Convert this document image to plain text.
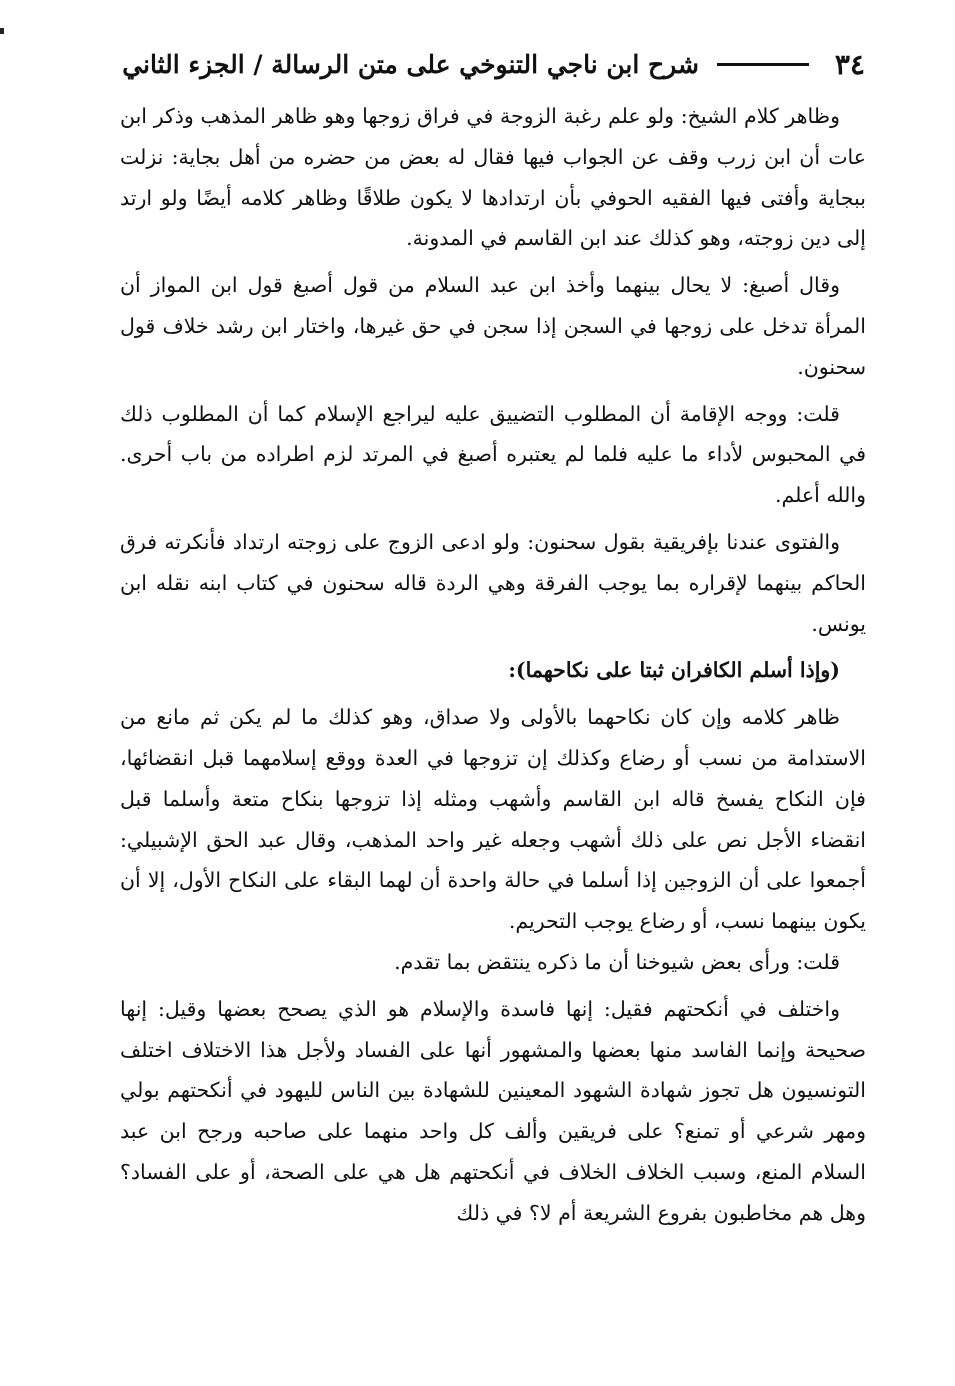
٣٤
شرح ابن ناجي التنوخي على متن الرسالة / الجزء الثاني

وظاهر كلام الشيخ: ولو علم رغبة الزوجة في فراق زوجها وهو ظاهر المذهب وذكر ابن عات أن ابن زرب وقف عن الجواب فيها فقال له بعض من حضره من أهل بجاية: نزلت ببجاية وأفتى فيها الفقيه الحوفي بأن ارتدادها لا يكون طلاقًا وظاهر كلامه أيضًا ولو ارتد إلى دين زوجته، وهو كذلك عند ابن القاسم في المدونة.

وقال أصبغ: لا يحال بينهما وأخذ ابن عبد السلام من قول أصبغ قول ابن المواز أن المرأة تدخل على زوجها في السجن إذا سجن في حق غيرها، واختار ابن رشد خلاف قول سحنون.

قلت: ووجه الإقامة أن المطلوب التضييق عليه ليراجع الإسلام كما أن المطلوب ذلك في المحبوس لأداء ما عليه فلما لم يعتبره أصبغ في المرتد لزم اطراده من باب أحرى. والله أعلم.

والفتوى عندنا بإفريقية بقول سحنون: ولو ادعى الزوج على زوجته ارتداد فأنكرته فرق الحاكم بينهما لإقراره بما يوجب الفرقة وهي الردة قاله سحنون في كتاب ابنه نقله ابن يونس.

(وإذا أسلم الكافران ثبتا على نكاحهما):

ظاهر كلامه وإن كان نكاحهما بالأولى ولا صداق، وهو كذلك ما لم يكن ثم مانع من الاستدامة من نسب أو رضاع وكذلك إن تزوجها في العدة ووقع إسلامهما قبل انقضائها، فإن النكاح يفسخ قاله ابن القاسم وأشهب ومثله إذا تزوجها بنكاح متعة وأسلما قبل انقضاء الأجل نص على ذلك أشهب وجعله غير واحد المذهب، وقال عبد الحق الإشبيلي: أجمعوا على أن الزوجين إذا أسلما في حالة واحدة أن لهما البقاء على النكاح الأول، إلا أن يكون بينهما نسب، أو رضاع يوجب التحريم.

قلت: ورأى بعض شيوخنا أن ما ذكره ينتقض بما تقدم.

واختلف في أنكحتهم فقيل: إنها فاسدة والإسلام هو الذي يصحح بعضها وقيل: إنها صحيحة وإنما الفاسد منها بعضها والمشهور أنها على الفساد ولأجل هذا الاختلاف اختلف التونسيون هل تجوز شهادة الشهود المعينين للشهادة بين الناس لليهود في أنكحتهم بولي ومهر شرعي أو تمنع؟ على فريقين وألف كل واحد منهما على صاحبه ورجح ابن عبد السلام المنع، وسبب الخلاف الخلاف في أنكحتهم هل هي على الصحة، أو على الفساد؟ وهل هم مخاطبون بفروع الشريعة أم لا؟ في ذلك
